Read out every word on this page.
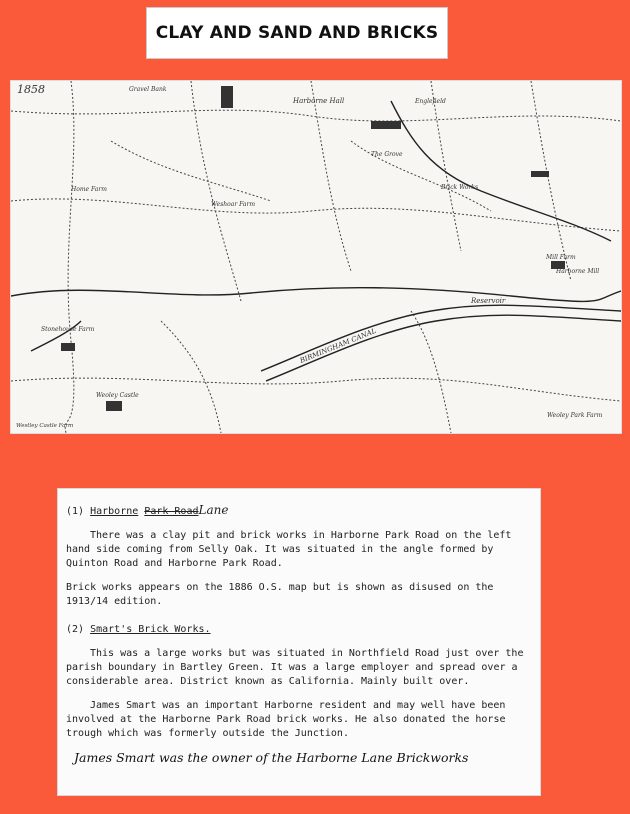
CLAY AND SAND AND BRICKS
1858	Gravel Bank
Harborne Hall	Englefield
The Grove
Home Farm
Weshoar Farm
Brick Works
Mill Farm
Harborne Mill
Reservoir
BIRMINGHAM CANAL
Stonehouse Farm
Westley Castle Farm
Weoley Park Farm
Weoley Castle
(1) Harborne Park RoadLane

There was a clay pit and brick works in Harborne Park Road on the left hand side coming from Selly Oak. It was situated in the angle formed by Quinton Road and Harborne Park Road.

Brick works appears on the 1886 O.S. map but is shown as disused on the 1913/14 edition.

(2) Smart's Brick Works.

This was a large works but was situated in Northfield Road just over the parish boundary in Bartley Green. It was a large employer and spread over a considerable area. District known as California. Mainly built over.

James Smart was an important Harborne resident and may well have been involved at the Harborne Park Road brick works. He also donated the horse trough which was formerly outside the Junction.

James Smart was the owner of the Harborne Lane Brickworks
